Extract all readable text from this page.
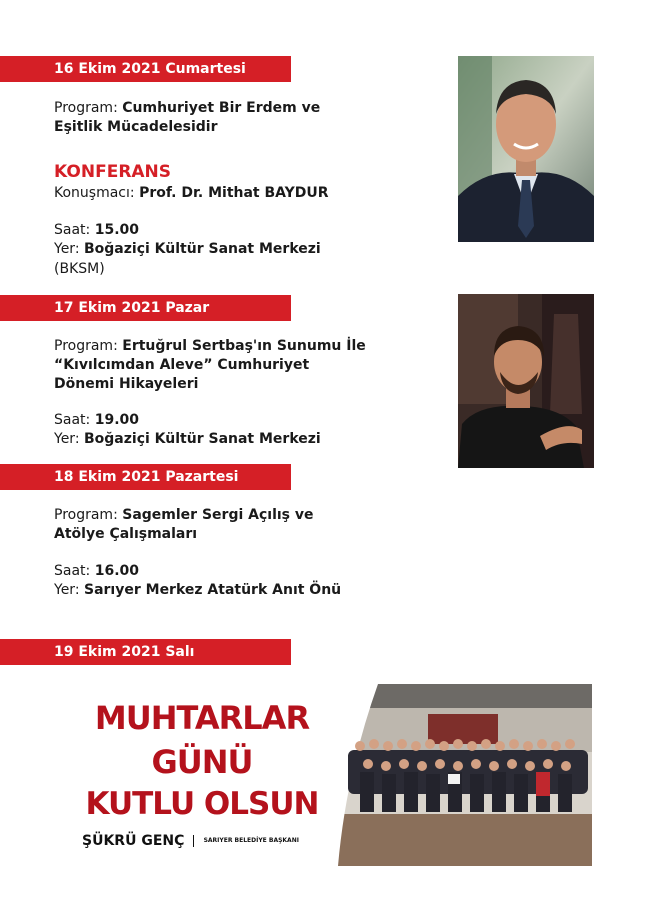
16 Ekim 2021 Cumartesi
Program: Cumhuriyet Bir Erdem ve
Eşitlik Mücadelesidir
KONFERANS
Konuşmacı: Prof. Dr. Mithat BAYDUR
Saat: 15.00
Yer: Boğaziçi Kültür Sanat Merkezi
(BKSM)
17 Ekim 2021 Pazar
Program: Ertuğrul Sertbaş'ın Sunumu İle
“Kıvılcımdan Aleve” Cumhuriyet
Dönemi Hikayeleri
Saat: 19.00
Yer: Boğaziçi Kültür Sanat Merkezi
18 Ekim 2021 Pazartesi
Program: Sagemler Sergi Açılış ve
Atölye Çalışmaları
Saat: 16.00
Yer: Sarıyer Merkez Atatürk Anıt Önü
19 Ekim 2021 Salı
MUHTARLAR
GÜNÜ
KUTLU OLSUN
ŞÜKRÜ GENÇ	SARIYER BELEDİYE BAŞKANI
